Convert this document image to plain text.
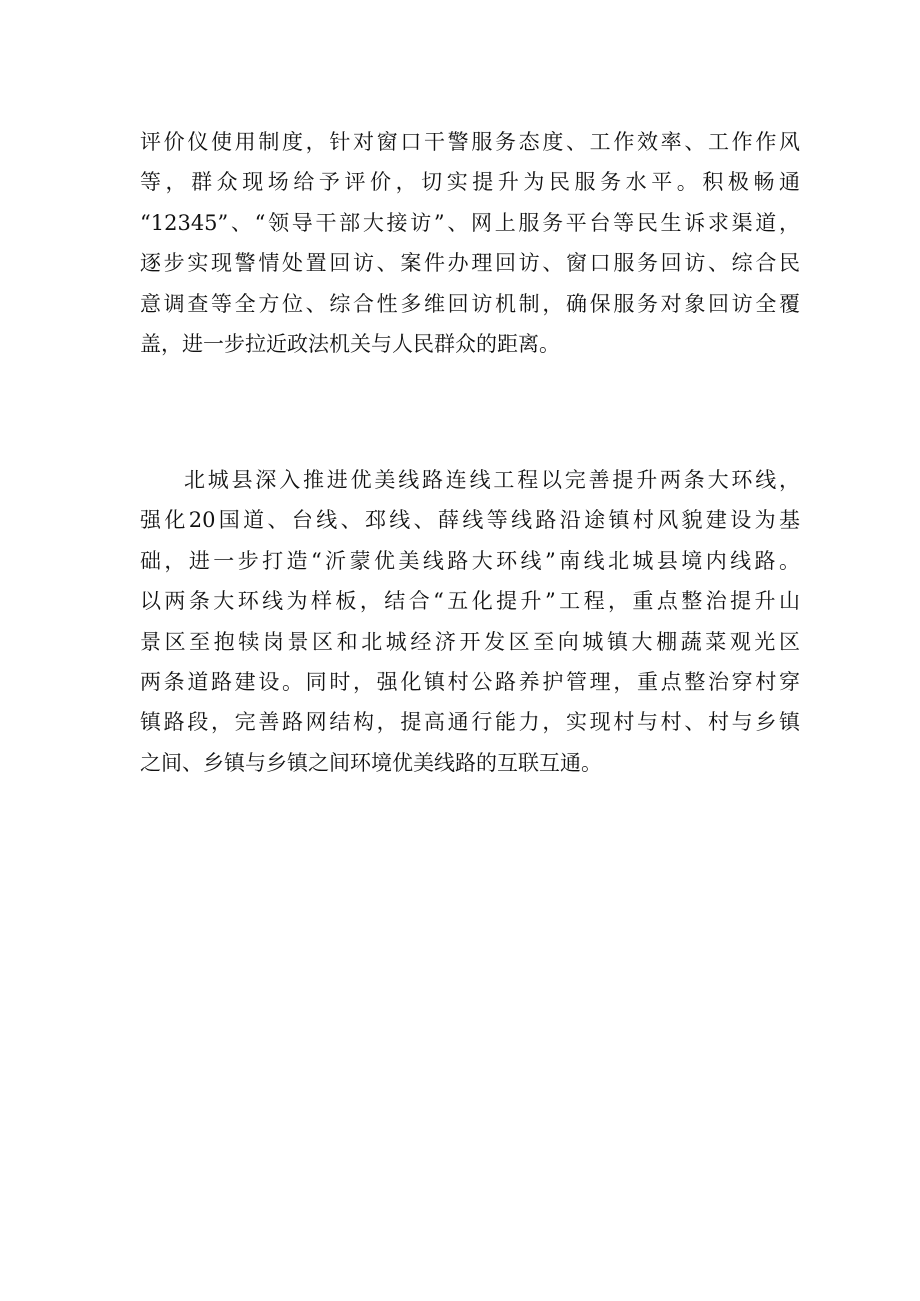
评价仪使用制度，针对窗口干警服务态度、工作效率、工作作风
等，群众现场给予评价，切实提升为民服务水平。积极畅通
“12345”、“领导干部大接访”、网上服务平台等民生诉求渠道，
逐步实现警情处置回访、案件办理回访、窗口服务回访、综合民
意调查等全方位、综合性多维回访机制，确保服务对象回访全覆
盖，进一步拉近政法机关与人民群众的距离。
北城县深入推进优美线路连线工程以完善提升两条大环线，
强化20国道、台线、邳线、薛线等线路沿途镇村风貌建设为基
础，进一步打造“沂蒙优美线路大环线”南线北城县境内线路。
以两条大环线为样板，结合“五化提升”工程，重点整治提升山
景区至抱犊岗景区和北城经济开发区至向城镇大棚蔬菜观光区
两条道路建设。同时，强化镇村公路养护管理，重点整治穿村穿
镇路段，完善路网结构，提高通行能力，实现村与村、村与乡镇
之间、乡镇与乡镇之间环境优美线路的互联互通。
